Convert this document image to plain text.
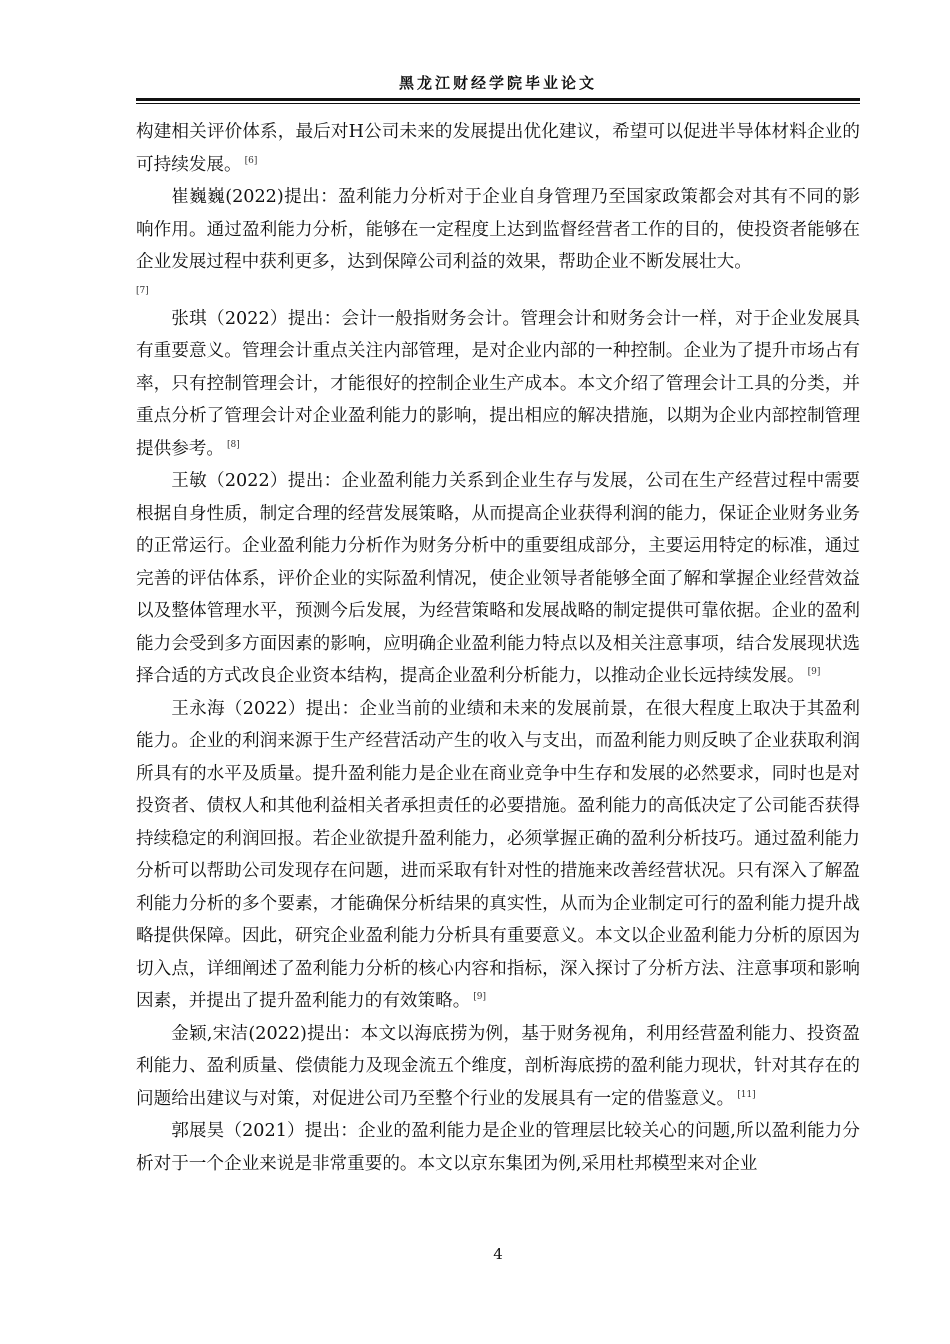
黑龙江财经学院毕业论文

构建相关评价体系，最后对H公司未来的发展提出优化建议，希望可以促进半导体材料企业的可持续发展。 [6]

崔巍巍(2022)提出：盈利能力分析对于企业自身管理乃至国家政策都会对其有不同的影响作用。通过盈利能力分析，能够在一定程度上达到监督经营者工作的目的，使投资者能够在企业发展过程中获利更多，达到保障公司利益的效果，帮助企业不断发展壮大。

[7]

张琪（2022）提出：会计一般指财务会计。管理会计和财务会计一样，对于企业发展具有重要意义。管理会计重点关注内部管理，是对企业内部的一种控制。企业为了提升市场占有率，只有控制管理会计，才能很好的控制企业生产成本。本文介绍了管理会计工具的分类，并重点分析了管理会计对企业盈利能力的影响，提出相应的解决措施，以期为企业内部控制管理提供参考。 [8]

王敏（2022）提出：企业盈利能力关系到企业生存与发展，公司在生产经营过程中需要根据自身性质，制定合理的经营发展策略，从而提高企业获得利润的能力，保证企业财务业务的正常运行。企业盈利能力分析作为财务分析中的重要组成部分，主要运用特定的标准，通过完善的评估体系，评价企业的实际盈利情况，使企业领导者能够全面了解和掌握企业经营效益以及整体管理水平，预测今后发展，为经营策略和发展战略的制定提供可靠依据。企业的盈利能力会受到多方面因素的影响，应明确企业盈利能力特点以及相关注意事项，结合发展现状选择合适的方式改良企业资本结构，提高企业盈利分析能力，以推动企业长远持续发展。 [9]

王永海（2022）提出：企业当前的业绩和未来的发展前景，在很大程度上取决于其盈利能力。企业的利润来源于生产经营活动产生的收入与支出，而盈利能力则反映了企业获取利润所具有的水平及质量。提升盈利能力是企业在商业竞争中生存和发展的必然要求，同时也是对投资者、债权人和其他利益相关者承担责任的必要措施。盈利能力的高低决定了公司能否获得持续稳定的利润回报。若企业欲提升盈利能力，必须掌握正确的盈利分析技巧。通过盈利能力分析可以帮助公司发现存在问题，进而采取有针对性的措施来改善经营状况。只有深入了解盈利能力分析的多个要素，才能确保分析结果的真实性，从而为企业制定可行的盈利能力提升战略提供保障。因此，研究企业盈利能力分析具有重要意义。本文以企业盈利能力分析的原因为切入点，详细阐述了盈利能力分析的核心内容和指标，深入探讨了分析方法、注意事项和影响因素，并提出了提升盈利能力的有效策略。 [9]

金颖,宋洁(2022)提出：本文以海底捞为例，基于财务视角，利用经营盈利能力、投资盈利能力、盈利质量、偿债能力及现金流五个维度，剖析海底捞的盈利能力现状，针对其存在的问题给出建议与对策，对促进公司乃至整个行业的发展具有一定的借鉴意义。 [11]

郭展昊（2021）提出：企业的盈利能力是企业的管理层比较关心的问题,所以盈利能力分析对于一个企业来说是非常重要的。本文以京东集团为例,采用杜邦模型来对企业

4
